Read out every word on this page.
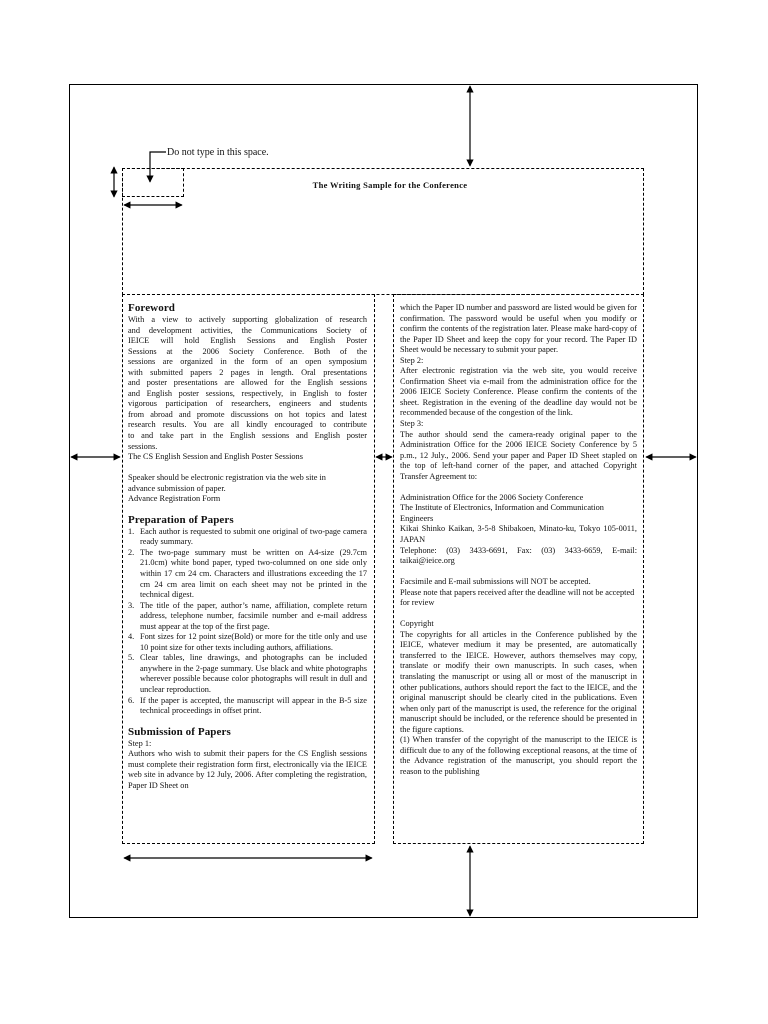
The Writing Sample for the Conference
Do not type in this space.

Foreword

With a view to actively supporting globalization of research
and development activities, the Communications Society of
IEICE will hold English Sessions and English Poster
Sessions at the 2006 Society Conference. Both of the
sessions are organized in the form of an open symposium
with submitted papers 2 pages in length. Oral presentations
and poster presentations are allowed for the English sessions
and English poster sessions, respectively, in English to foster
vigorous participation of researchers, engineers and students
from abroad and promote discussions on hot topics and latest
research results. You are all kindly encouraged to contribute
to and take part in the English sessions and English poster

sessions.

The CS English Session and English Poster Sessions

Speaker should be electronic registration via the web site in
advance submission of paper.

Advance Registration Form

Preparation of Papers

1. Each author is requested to submit one original of two-page camera ready summary.
2. The two-page summary must be written on A4-size (29.7cm 21.0cm) white bond paper, typed two-columned on one side only within 17 cm 24 cm. Characters and illustrations exceeding the 17 cm 24 cm area limit on each sheet may not be printed in the technical digest.
3. The title of the paper, author’s name, affiliation, complete return address, telephone number, facsimile number and e-mail address must appear at the top of the first page.
4. Font sizes for 12 point size(Bold) or more for the title only and use 10 point size for other texts including authors, affiliations.
5. Clear tables, line drawings, and photographs can be included anywhere in the 2-page summary. Use black and white photographs wherever possible because color photographs will result in dull and unclear reproduction.
6. If the paper is accepted, the manuscript will appear in the B-5 size technical proceedings in offset print.

Submission of Papers

Step 1:

Authors who wish to submit their papers for the CS English sessions must complete their registration form first, electronically via the IEICE web site in advance by 12 July, 2006. After completing the registration, Paper ID Sheet on

which the Paper ID number and password are listed would be given for confirmation. The password would be useful when you modify or confirm the contents of the registration later. Please make hard-copy of the Paper ID Sheet and keep the copy for your record. The Paper ID Sheet would be necessary to submit your paper.

Step 2:

After electronic registration via the web site, you would receive Confirmation Sheet via e-mail from the administration office for the 2006 IEICE Society Conference. Please confirm the contents of the sheet. Registration in the evening of the deadline day would not be recommended because of the congestion of the link.

Step 3:

The author should send the camera-ready original paper to the Administration Office for the 2006 IEICE Society Conference by 5 p.m., 12 July., 2006. Send your paper and Paper ID Sheet stapled on the top of left-hand corner of the paper, and attached Copyright Transfer Agreement to:

Administration Office for the 2006 Society Conference

The Institute of Electronics, Information and Communication Engineers

Kikai Shinko Kaikan, 3-5-8 Shibakoen, Minato-ku, Tokyo 105-0011, JAPAN

Telephone: (03) 3433-6691, Fax: (03) 3433-6659, E-mail: taikai@ieice.org

Facsimile and E-mail submissions will NOT be accepted.

Please note that papers received after the deadline will not be accepted for review

Copyright

The copyrights for all articles in the Conference published by the IEICE, whatever medium it may be presented, are automatically transferred to the IEICE. However, authors themselves may copy, translate or modify their own manuscripts. In such cases, when translating the manuscript or using all or most of the manuscript in other publications, authors should report the fact to the IEICE, and the original manuscript should be clearly cited in the publications. Even when only part of the manuscript is used, the reference for the original manuscript should be included, or the reference should be presented in the figure captions.

(1) When transfer of the copyright of the manuscript to the IEICE is difficult due to any of the following exceptional reasons, at the time of the Advance registration of the manuscript, you should report the reason to the publishing
